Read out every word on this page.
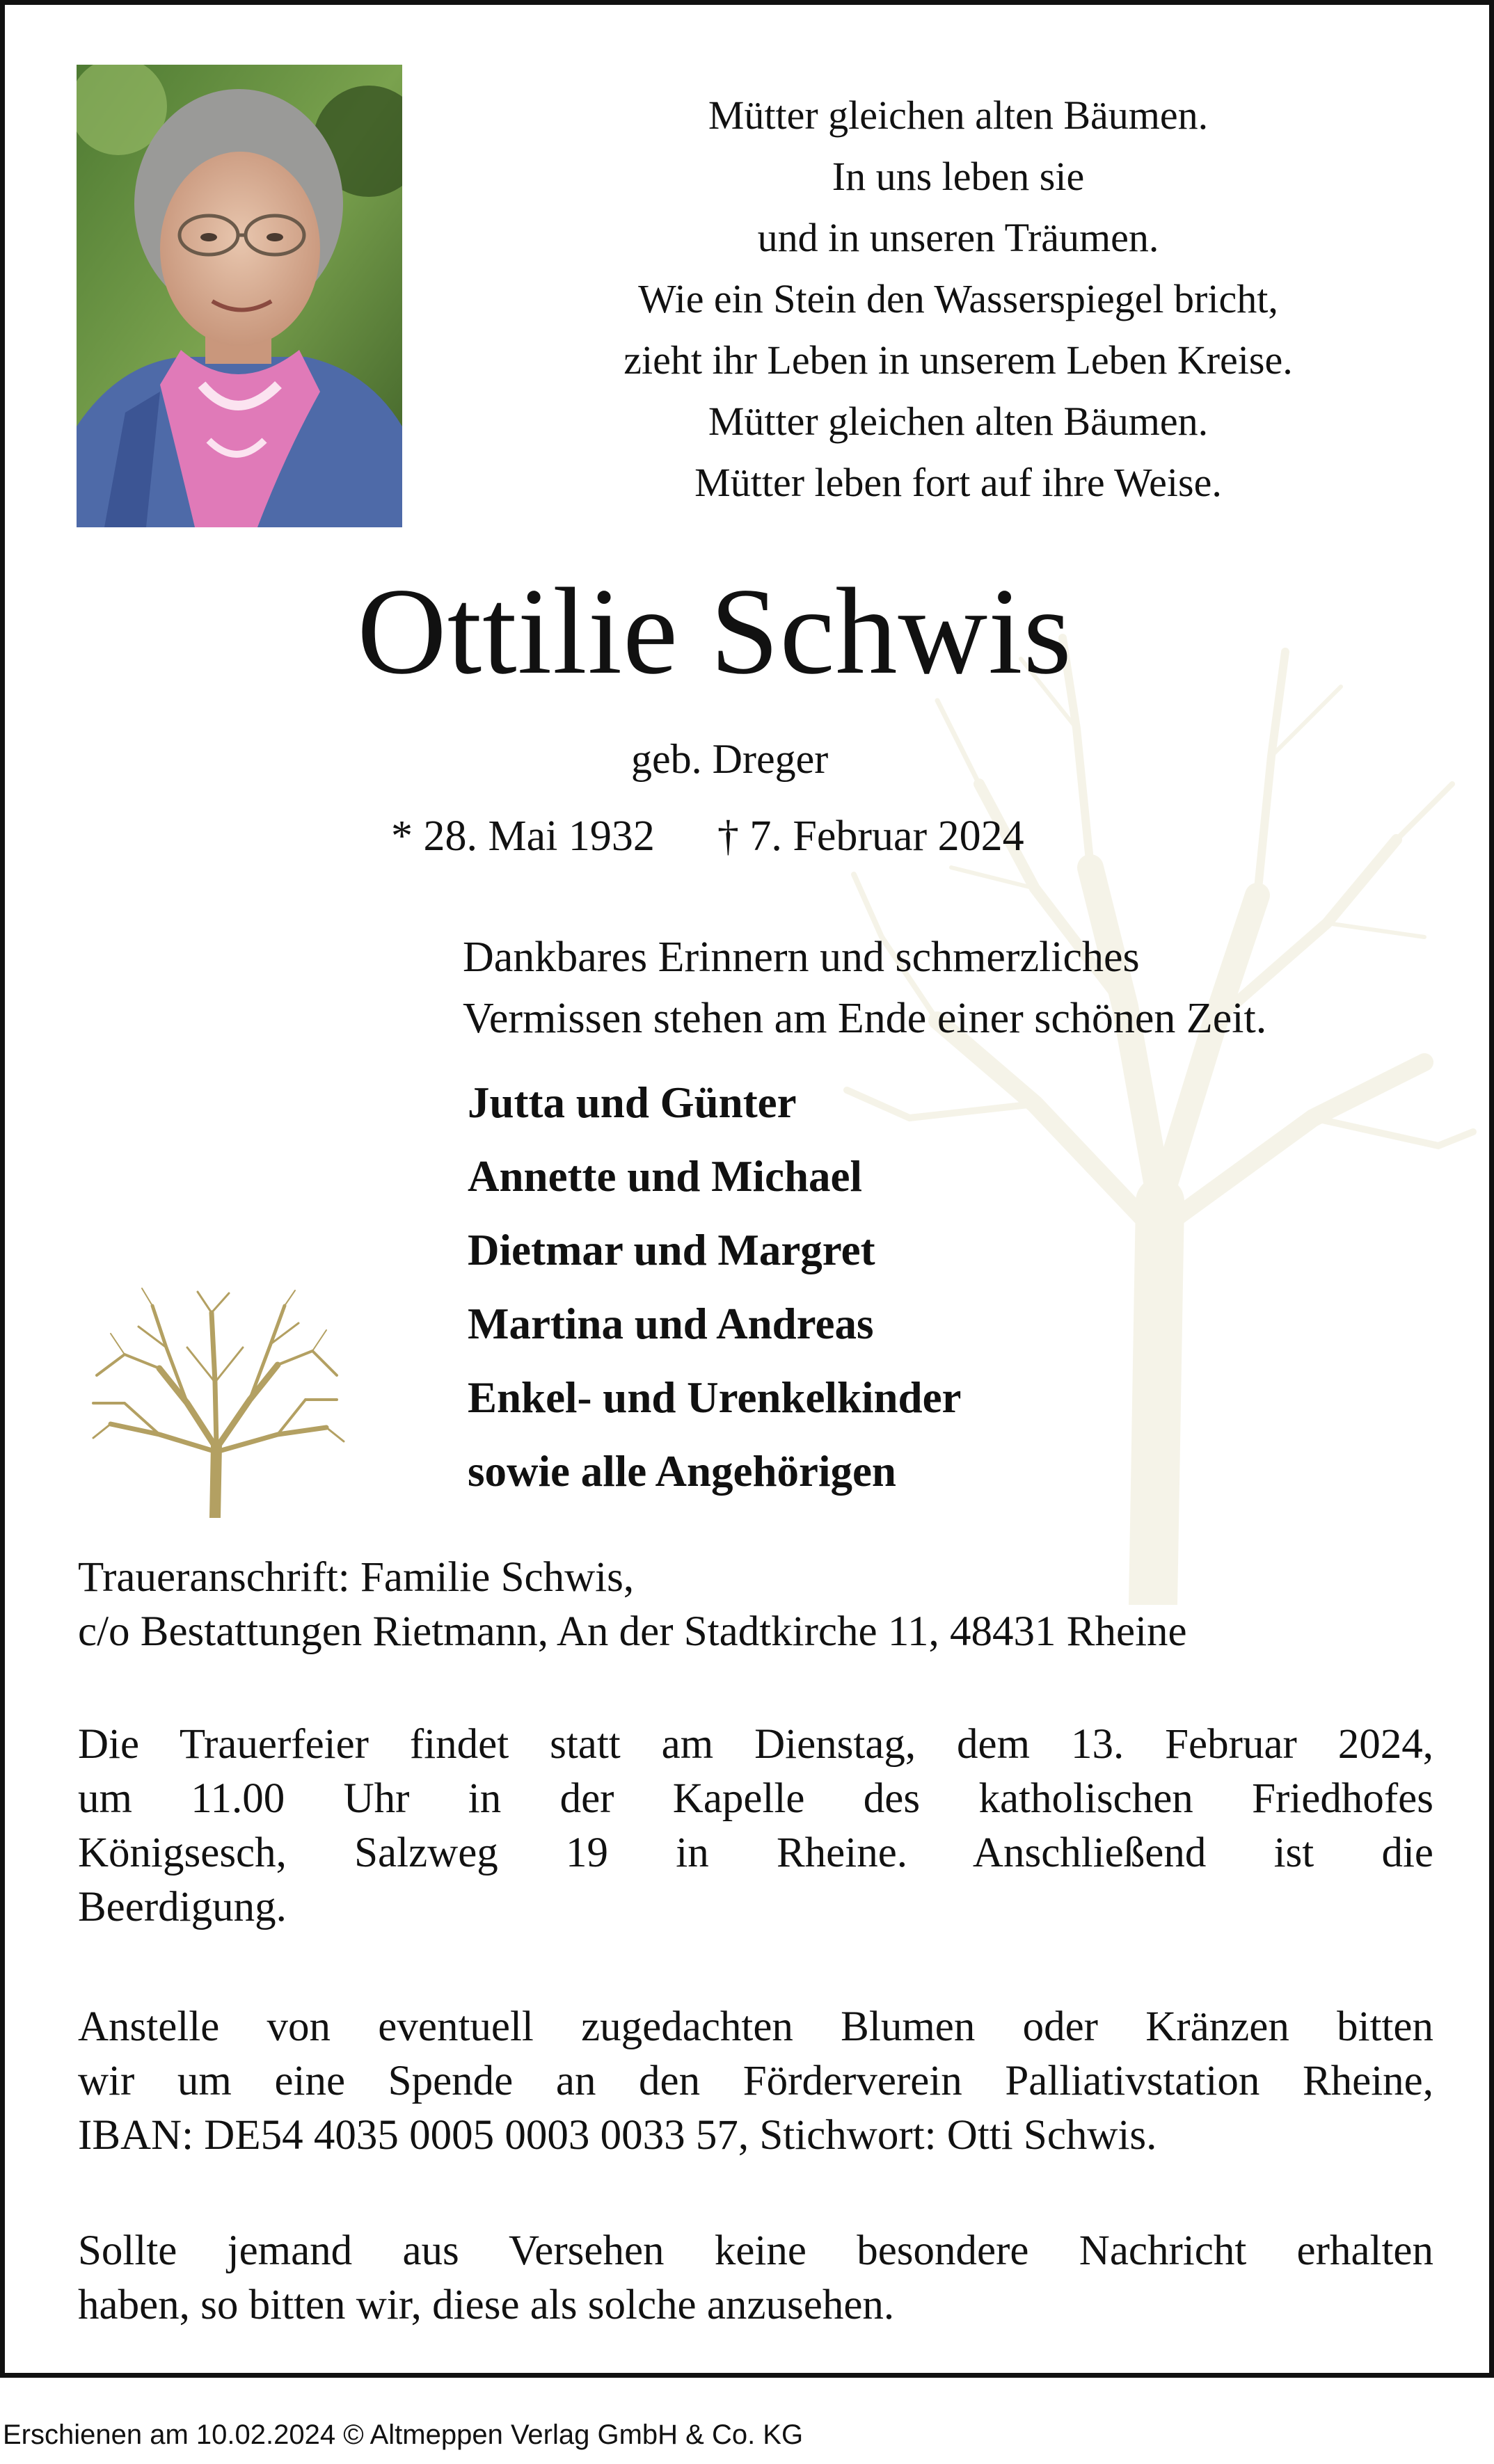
Mütter gleichen alten Bäumen.
In uns leben sie
und in unseren Träumen.
Wie ein Stein den Wasserspiegel bricht,
zieht ihr Leben in unserem Leben Kreise.
Mütter gleichen alten Bäumen.
Mütter leben fort auf ihre Weise.
Ottilie Schwis
geb. Dreger
* 28. Mai 1932 † 7. Februar 2024
Dankbares Erinnern und schmerzliches
Vermissen stehen am Ende einer schönen Zeit.
Jutta und Günter
Annette und Michael
Dietmar und Margret
Martina und Andreas
Enkel- und Urenkelkinder
sowie alle Angehörigen
Traueranschrift: Familie Schwis,
c/o Bestattungen Rietmann, An der Stadtkirche 11, 48431 Rheine
Die Trauerfeier findet statt am Dienstag, dem 13. Februar 2024,
um 11.00 Uhr in der Kapelle des katholischen Friedhofes
Königsesch, Salzweg 19 in Rheine. Anschließend ist die
Beerdigung.
Anstelle von eventuell zugedachten Blumen oder Kränzen bitten
wir um eine Spende an den Förderverein Palliativstation Rheine,
IBAN: DE54 4035 0005 0003 0033 57, Stichwort: Otti Schwis.
Sollte jemand aus Versehen keine besondere Nachricht erhalten
haben, so bitten wir, diese als solche anzusehen.
Erschienen am 10.02.2024 © Altmeppen Verlag GmbH & Co. KG
